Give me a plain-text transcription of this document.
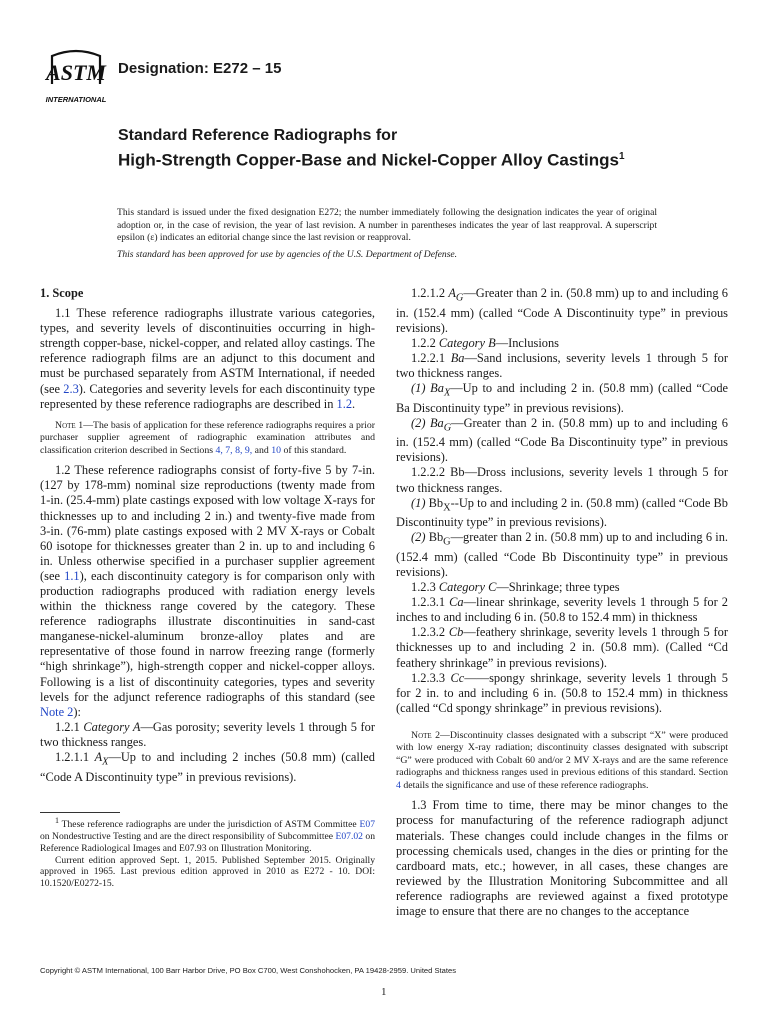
ASTM
INTERNATIONAL
Designation: E272 – 15
Standard Reference Radiographs for
High-Strength Copper-Base and Nickel-Copper Alloy Castings$^1$
This standard is issued under the fixed designation E272; the number immediately following the designation indicates the year of original adoption or, in the case of revision, the year of last revision. A number in parentheses indicates the year of last reapproval. A superscript epsilon (ε) indicates an editorial change since the last revision or reapproval.
This standard has been approved for use by agencies of the U.S. Department of Defense.

1. Scope

1.1 These reference radiographs illustrate various categories, types, and severity levels of discontinuities occurring in high-strength copper-base, nickel-copper, and related alloy castings. The reference radiograph films are an adjunct to this document and must be purchased separately from ASTM International, if needed (see 2.3). Categories and severity levels for each discontinuity type represented by these reference radiographs are described in 1.2.

Note 1—The basis of application for these reference radiographs requires a prior purchaser supplier agreement of radiographic examination attributes and classification criterion described in Sections 4, 7, 8, 9, and 10 of this standard.

1.2 These reference radiographs consist of forty-five 5 by 7-in. (127 by 178-mm) nominal size reproductions (twenty made from 1-in. (25.4-mm) plate castings exposed with low voltage X-rays for thicknesses up to and including 2 in.) and twenty-five made from 3-in. (76-mm) plate castings exposed with 2 MV X-rays or Cobalt 60 isotope for thicknesses greater than 2 in. up to and including 6 in. Unless otherwise specified in a purchaser supplier agreement (see 1.1), each discontinuity category is for comparison only with production radiographs produced with radiation energy levels within the thickness range covered by the category. These reference radiographs illustrate discontinuities in sand-cast manganese-nickel-aluminum bronze-alloy plates and are representative of those found in narrow freezing range (formerly “high shrinkage”), high-strength copper and nickel-copper alloys. Following is a list of discontinuity categories, types and severity levels for the adjunct reference radiographs of this standard (see Note 2):

1.2.1 Category A—Gas porosity; severity levels 1 through 5 for two thickness ranges.

1.2.1.1 $A_X—Up$ to and including 2 inches (50.8 mm) (called “Code A Discontinuity type” in previous revisions).

1.2.1.2 $A_G—Greater$ than 2 in. (50.8 mm) up to and including 6 in. (152.4 mm) (called “Code A Discontinuity type” in previous revisions).

1.2.2 Category B—Inclusions

1.2.2.1 Ba—Sand inclusions, severity levels 1 through 5 for two thickness ranges.

(1) $Ba_X—Up$ to and including 2 in. (50.8 mm) (called “Code Ba Discontinuity type” in previous revisions).

(2) $Ba_G—Greater$ than 2 in. (50.8 mm) up to and including 6 in. (152.4 mm) (called “Code Ba Discontinuity type” in previous revisions).

1.2.2.2 Bb—Dross inclusions, severity levels 1 through 5 for two thickness ranges.

(1) $Bb_X--Up$ to and including 2 in. (50.8 mm) (called “Code Bb Discontinuity type” in previous revisions).

(2) $Bb_G—greater$ than 2 in. (50.8 mm) up to and including 6 in. (152.4 mm) (called “Code Bb Discontinuity type” in previous revisions).

1.2.3 Category C—Shrinkage; three types

1.2.3.1 Ca—linear shrinkage, severity levels 1 through 5 for 2 inches to and including 6 in. (50.8 to 152.4 mm) in thickness

1.2.3.2 Cb—feathery shrinkage, severity levels 1 through 5 for thicknesses up to and including 2 in. (50.8 mm). (Called “Cd feathery shrinkage” in previous revisions).

1.2.3.3 Cc——spongy shrinkage, severity levels 1 through 5 for 2 in. to and including 6 in. (50.8 to 152.4 mm) in thickness (called “Cd spongy shrinkage” in previous revisions).

Note 2—Discontinuity classes designated with a subscript “X” were produced with low energy X-ray radiation; discontinuity classes designated with subscript “G” were produced with Cobalt 60 and/or 2 MV X-rays and are the same reference radiographs and thickness ranges used in previous editions of this standard. Section 4 details the significance and use of these reference radiographs.

1.3 From time to time, there may be minor changes to the process for manufacturing of the reference radiograph adjunct materials. These changes could include changes in the films or processing chemicals used, changes in the dies or printing for the cardboard mats, etc.; however, in all cases, these changes are reviewed by the Illustration Monitoring Subcommittee and all reference radiographs are reviewed against a fixed prototype image to ensure that there are no changes to the acceptance

$^1$ These reference radiographs are under the jurisdiction of ASTM Committee E07 on Nondestructive Testing and are the direct responsibility of Subcommittee E07.02 on Reference Radiological Images and E07.93 on Illustration Monitoring.

Current edition approved Sept. 1, 2015. Published September 2015. Originally approved in 1965. Last previous edition approved in 2010 as E272 - 10. DOI: 10.1520/E0272-15.

Copyright © ASTM International, 100 Barr Harbor Drive, PO Box C700, West Conshohocken, PA 19428-2959. United States
1
